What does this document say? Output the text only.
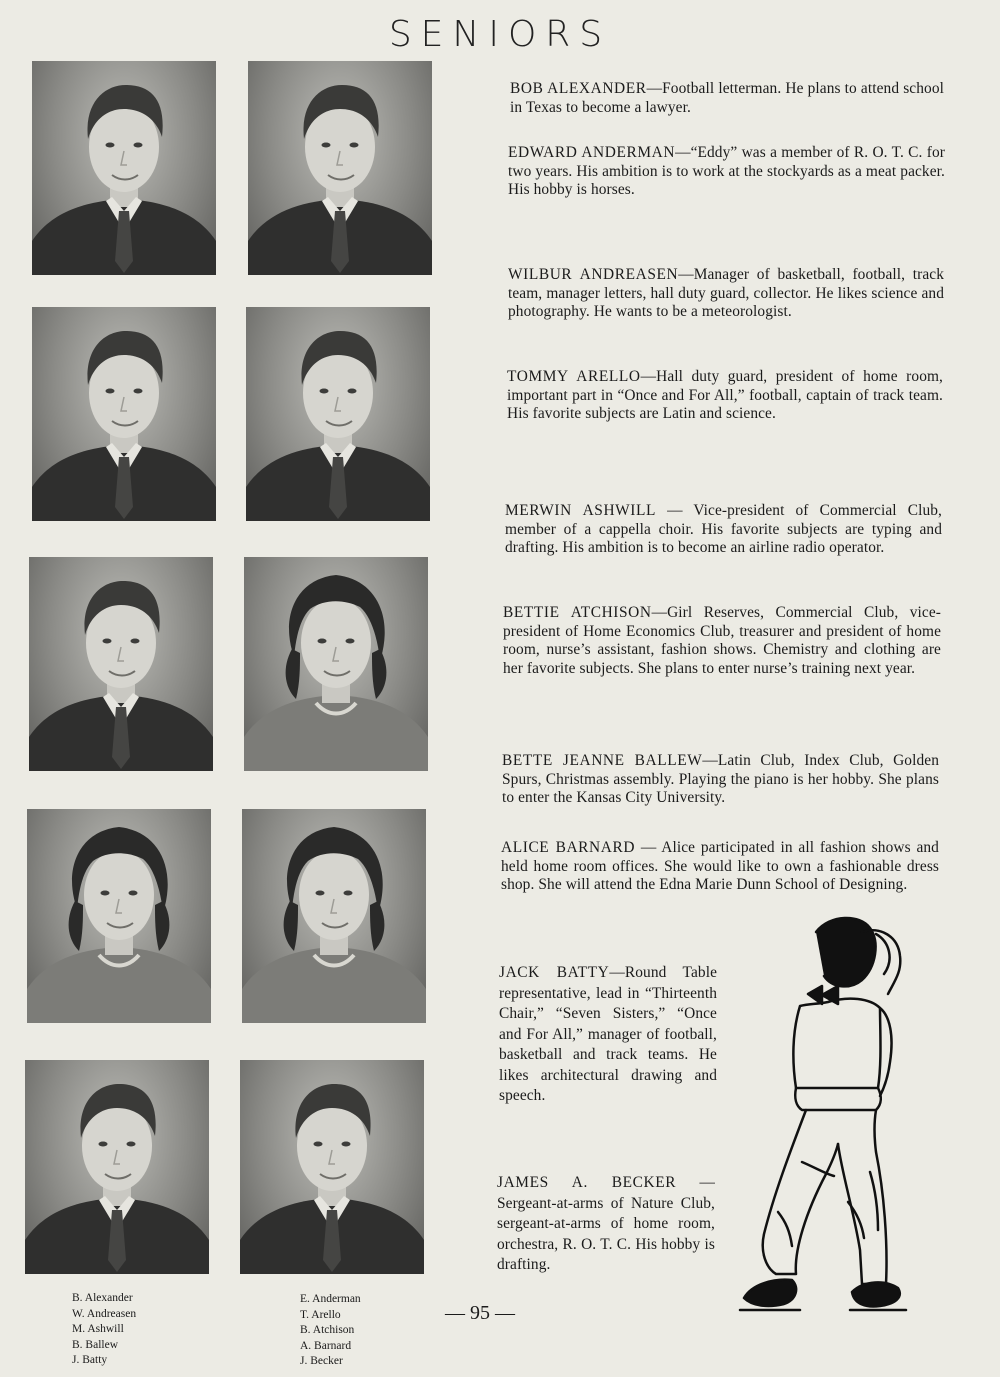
SENIORS
BOB ALEXANDER—Football letterman. He plans to attend school in Texas to become a lawyer.
EDWARD ANDERMAN—“Eddy” was a member of R. O. T. C. for two years. His ambition is to work at the stockyards as a meat packer. His hobby is horses.
WILBUR ANDREASEN—Manager of basketball, football, track team, manager letters, hall duty guard, collector. He likes science and photography. He wants to be a meteorologist.
TOMMY ARELLO—Hall duty guard, president of home room, important part in “Once and For All,” football, captain of track team. His favorite subjects are Latin and science.
MERWIN ASHWILL — Vice-president of Commercial Club, member of a cappella choir. His favorite subjects are typing and drafting. His ambition is to become an airline radio operator.
BETTIE ATCHISON—Girl Reserves, Commercial Club, vice-president of Home Economics Club, treasurer and president of home room, nurse’s assistant, fashion shows. Chemistry and clothing are her favorite subjects. She plans to enter nurse’s training next year.
BETTE JEANNE BALLEW—Latin Club, Index Club, Golden Spurs, Christmas assembly. Playing the piano is her hobby. She plans to enter the Kansas City University.
ALICE BARNARD — Alice participated in all fashion shows and held home room offices. She would like to own a fashionable dress shop. She will attend the Edna Marie Dunn School of Designing.
JACK BATTY—Round Table representative, lead in “Thirteenth Chair,” “Seven Sisters,” “Once and For All,” manager of football, basketball and track teams. He likes architectural drawing and speech.
JAMES A. BECKER — Sergeant-at-arms of Nature Club, sergeant-at-arms of home room, orchestra, R. O. T. C. His hobby is drafting.
B. Alexander
W. Andreasen
M. Ashwill
B. Ballew
J. Batty
E. Anderman
T. Arello
B. Atchison
A. Barnard
J. Becker
— 95 —
